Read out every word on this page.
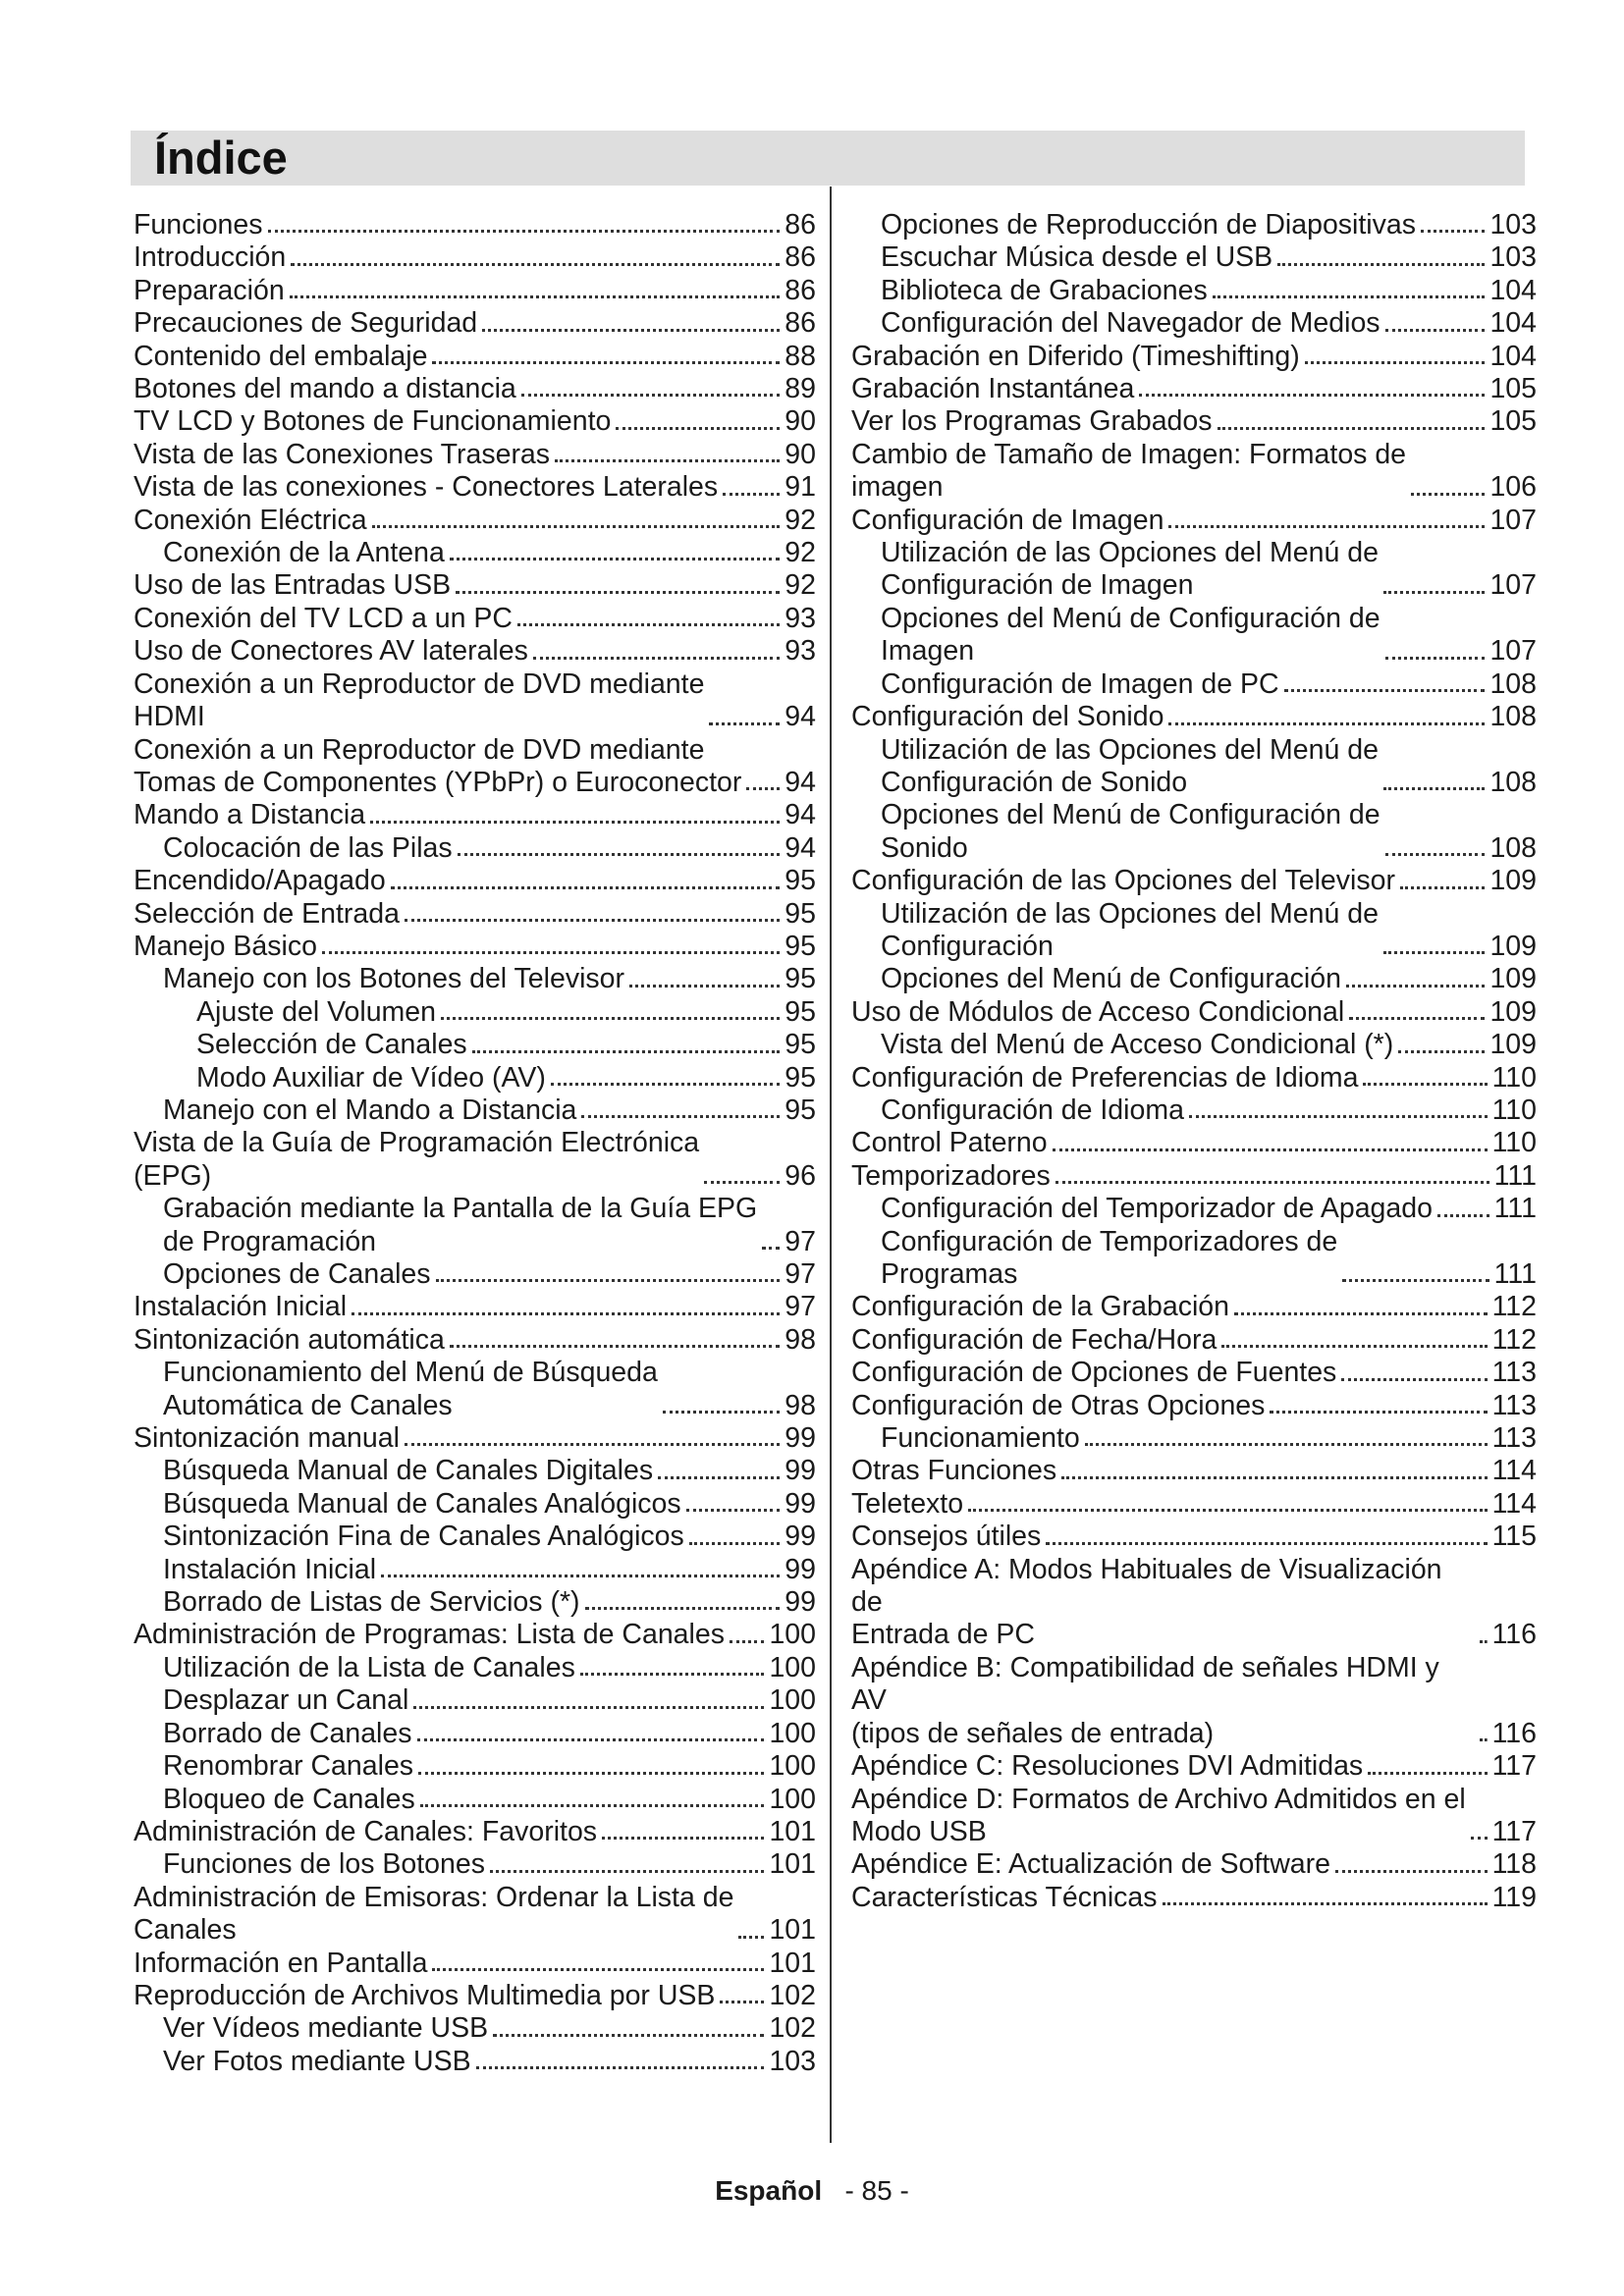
Índice
Funciones	86
Introducción	86
Preparación	86
Precauciones de Seguridad	86
Contenido del embalaje	88
Botones del mando a distancia	89
TV LCD y Botones de Funcionamiento	90
Vista de las Conexiones Traseras	90
Vista de las conexiones - Conectores Laterales 91
Conexión Eléctrica	92
Conexión de la Antena	92
Uso de las Entradas USB	92
Conexión del TV LCD a un PC	93
Uso de Conectores AV laterales	93
Conexión a un Reproductor de DVD mediante
HDMI	94
Conexión a un Reproductor de DVD mediante
Tomas de Componentes (YPbPr) o Euroconector 94
Mando a Distancia	94
Colocación de las Pilas	94
Encendido/Apagado	95
Selección de Entrada	95
Manejo Básico	95
Manejo con los Botones del Televisor	95
Ajuste del Volumen	95
Selección de Canales	95
Modo Auxiliar de Vídeo (AV)	95
Manejo con el Mando a Distancia	95
Vista de la Guía de Programación Electrónica
(EPG)	96
Grabación mediante la Pantalla de la Guía EPG
de Programación	97
Opciones de Canales	97
Instalación Inicial	97
Sintonización automática	98
Funcionamiento del Menú de Búsqueda
Automática de Canales	98
Sintonización manual	99
Búsqueda Manual de Canales Digitales	99
Búsqueda Manual de Canales Analógicos	99
Sintonización Fina de Canales Analógicos	99
Instalación Inicial	99
Borrado de Listas de Servicios (*)	99
Administración de Programas: Lista de Canales 100
Utilización de la Lista de Canales	100
Desplazar un Canal	100
Borrado de Canales	100
Renombrar Canales	100
Bloqueo de Canales	100
Administración de Canales: Favoritos	101
Funciones de los Botones	101
Administración de Emisoras: Ordenar la Lista de
Canales	101
Información en Pantalla	101
Reproducción de Archivos Multimedia por USB 102
Ver Vídeos mediante USB	102
Ver Fotos mediante USB	103
Opciones de Reproducción de Diapositivas	103
Escuchar Música desde el USB	103
Biblioteca de Grabaciones	104
Configuración del Navegador de Medios	104
Grabación en Diferido (Timeshifting)	104
Grabación Instantánea	105
Ver los Programas Grabados	105
Cambio de Tamaño de Imagen: Formatos de
imagen	106
Configuración de Imagen	107
Utilización de las Opciones del Menú de
Configuración de Imagen	107
Opciones del Menú de Configuración de
Imagen	107
Configuración de Imagen de PC	108
Configuración del Sonido	108
Utilización de las Opciones del Menú de
Configuración de Sonido	108
Opciones del Menú de Configuración de
Sonido	108
Configuración de las Opciones del Televisor	109
Utilización de las Opciones del Menú de
Configuración	109
Opciones del Menú de Configuración	109
Uso de Módulos de Acceso Condicional	109
Vista del Menú de Acceso Condicional (*)	109
Configuración de Preferencias de Idioma	110
Configuración de Idioma	110
Control Paterno	110
Temporizadores	111
Configuración del Temporizador de Apagado 111
Configuración de Temporizadores de
Programas	111
Configuración de la Grabación	112
Configuración de Fecha/Hora	112
Configuración de Opciones de Fuentes	113
Configuración de Otras Opciones	113
Funcionamiento	113
Otras Funciones	114
Teletexto	114
Consejos útiles	115
Apéndice A: Modos Habituales de Visualización de
Entrada de PC	116
Apéndice B: Compatibilidad de señales HDMI y AV
(tipos de señales de entrada)	116
Apéndice C: Resoluciones DVI Admitidas	117
Apéndice D: Formatos de Archivo Admitidos en el
Modo USB	117
Apéndice E: Actualización de Software	118
Características Técnicas	119
Español - 85 -
